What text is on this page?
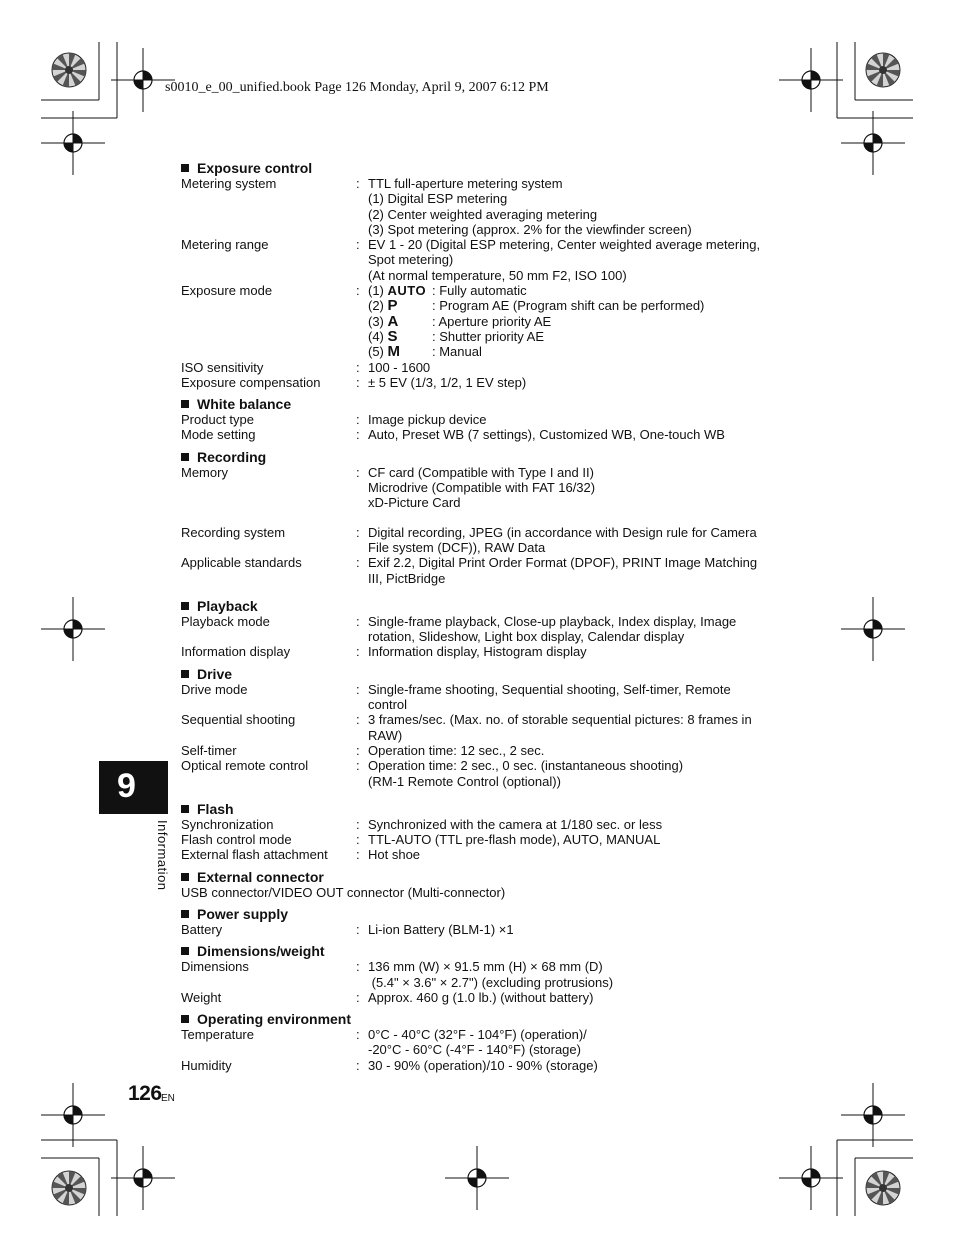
s0010_e_00_unified.book Page 126 Monday, April 9, 2007 6:12 PM
Exposure control
Metering system	: TTL full-aperture metering system
(1) Digital ESP metering
(2) Center weighted averaging metering
(3) Spot metering (approx. 2% for the viewfinder screen)
Metering range	: EV 1 - 20 (Digital ESP metering, Center weighted average metering,
Spot metering)
(At normal temperature, 50 mm F2, ISO 100)
Exposure mode	: (1) AUTO : Fully automatic
(2) P	: Program AE (Program shift can be performed)
(3) A	: Aperture priority AE
(4) S	: Shutter priority AE
(5) M	: Manual
ISO sensitivity	: 100 - 1600
Exposure compensation	: ± 5 EV (1/3, 1/2, 1 EV step)
White balance
Product type	: Image pickup device
Mode setting	: Auto, Preset WB (7 settings), Customized WB, One-touch WB
Recording
Memory	: CF card (Compatible with Type I and II)
Microdrive (Compatible with FAT 16/32)
xD-Picture Card
Recording system	: Digital recording, JPEG (in accordance with Design rule for Camera
File system (DCF)), RAW Data
Applicable standards	: Exif 2.2, Digital Print Order Format (DPOF), PRINT Image Matching
III, PictBridge
Playback
Playback mode	: Single-frame playback, Close-up playback, Index display, Image
rotation, Slideshow, Light box display, Calendar display
Information display	: Information display, Histogram display
Drive
Drive mode	: Single-frame shooting, Sequential shooting, Self-timer, Remote
control
Sequential shooting	: 3 frames/sec. (Max. no. of storable sequential pictures: 8 frames in
RAW)
Self-timer	: Operation time: 12 sec., 2 sec.
Optical remote control	: Operation time: 2 sec., 0 sec. (instantaneous shooting)
(RM-1 Remote Control (optional))
Flash
Synchronization	: Synchronized with the camera at 1/180 sec. or less
Flash control mode	: TTL-AUTO (TTL pre-flash mode), AUTO, MANUAL
External flash attachment	: Hot shoe
External connector
USB connector/VIDEO OUT connector (Multi-connector)
Power supply
Battery	: Li-ion Battery (BLM-1) ×1
Dimensions/weight
Dimensions	: 136 mm (W) × 91.5 mm (H) × 68 mm (D)
(5.4" × 3.6" × 2.7") (excluding protrusions)
Weight	: Approx. 460 g (1.0 lb.) (without battery)
Operating environment
Temperature	: 0°C - 40°C (32°F - 104°F) (operation)/
-20°C - 60°C (-4°F - 140°F) (storage)
Humidity	: 30 - 90% (operation)/10 - 90% (storage)
9
Information
126 EN
